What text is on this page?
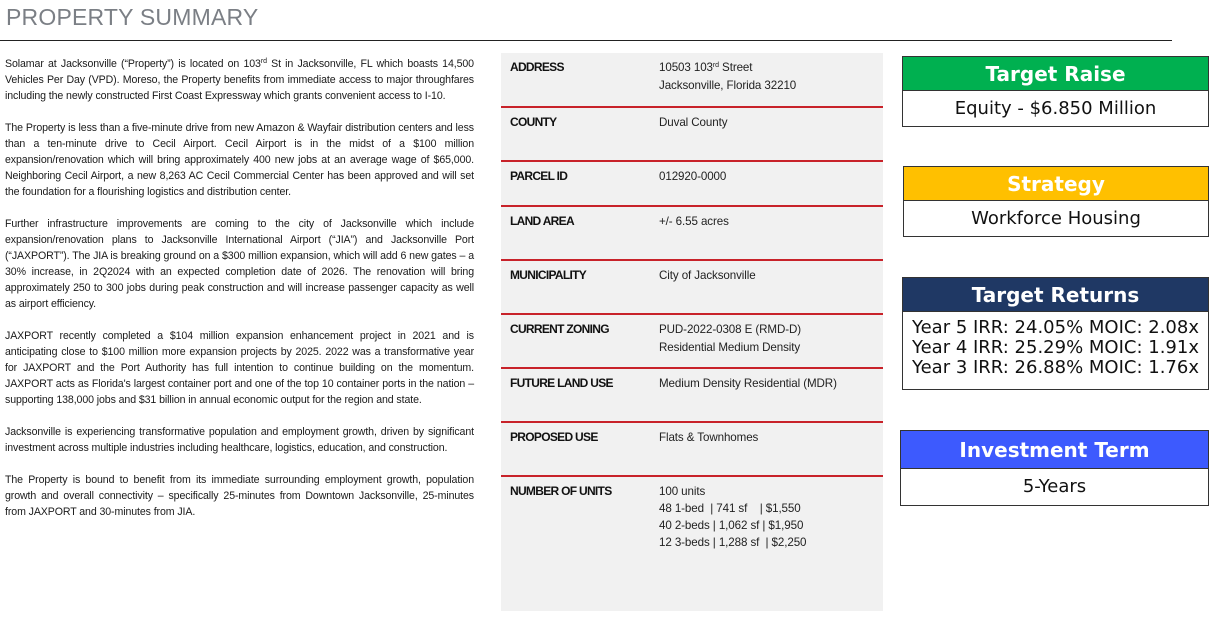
PROPERTY SUMMARY

Solamar at Jacksonville (“Property”) is located on 103rd St in Jacksonville, FL which boasts 14,500 Vehicles Per Day (VPD). Moreso, the Property benefits from immediate access to major throughfares including the newly constructed First Coast Expressway which grants convenient access to I-10.

The Property is less than a five-minute drive from new Amazon & Wayfair distribution centers and less than a ten-minute drive to Cecil Airport. Cecil Airport is in the midst of a $100 million expansion/renovation which will bring approximately 400 new jobs at an average wage of $65,000. Neighboring Cecil Airport, a new 8,263 AC Cecil Commercial Center has been approved and will set the foundation for a flourishing logistics and distribution center.

Further infrastructure improvements are coming to the city of Jacksonville which include expansion/renovation plans to Jacksonville International Airport (“JIA”) and Jacksonville Port (“JAXPORT”). The JIA is breaking ground on a $300 million expansion, which will add 6 new gates – a 30% increase, in 2Q2024 with an expected completion date of 2026. The renovation will bring approximately 250 to 300 jobs during peak construction and will increase passenger capacity as well as airport efficiency.

JAXPORT recently completed a $104 million expansion enhancement project in 2021 and is anticipating close to $100 million more expansion projects by 2025. 2022 was a transformative year for JAXPORT and the Port Authority has full intention to continue building on the momentum. JAXPORT acts as Florida's largest container port and one of the top 10 container ports in the nation – supporting 138,000 jobs and $31 billion in annual economic output for the region and state.

Jacksonville is experiencing transformative population and employment growth, driven by significant investment across multiple industries including healthcare, logistics, education, and construction.

The Property is bound to benefit from its immediate surrounding employment growth, population growth and overall connectivity – specifically 25-minutes from Downtown Jacksonville, 25-minutes from JAXPORT and 30-minutes from JIA.

ADDRESS	10503 103rd Street
Jacksonville, Florida 32210
COUNTY	Duval County
PARCEL ID	012920-0000
LAND AREA	+/- 6.55 acres
MUNICIPALITY	City of Jacksonville
CURRENT ZONING	PUD-2022-0308 E (RMD-D)
Residential Medium Density
FUTURE LAND USE	Medium Density Residential (MDR)
PROPOSED USE	Flats & Townhomes
NUMBER OF UNITS	100 units
48 1-bed  | 741 sf    | $1,550
40 2-beds | 1,062 sf | $1,950
12 3-beds | 1,288 sf  | $2,250
Target Raise
Equity - $6.850 Million
Strategy
Workforce Housing
Target Returns
Year 5 IRR: 24.05% MOIC: 2.08x
Year 4 IRR: 25.29% MOIC: 1.91x
Year 3 IRR: 26.88% MOIC: 1.76x
Investment Term
5-Years
